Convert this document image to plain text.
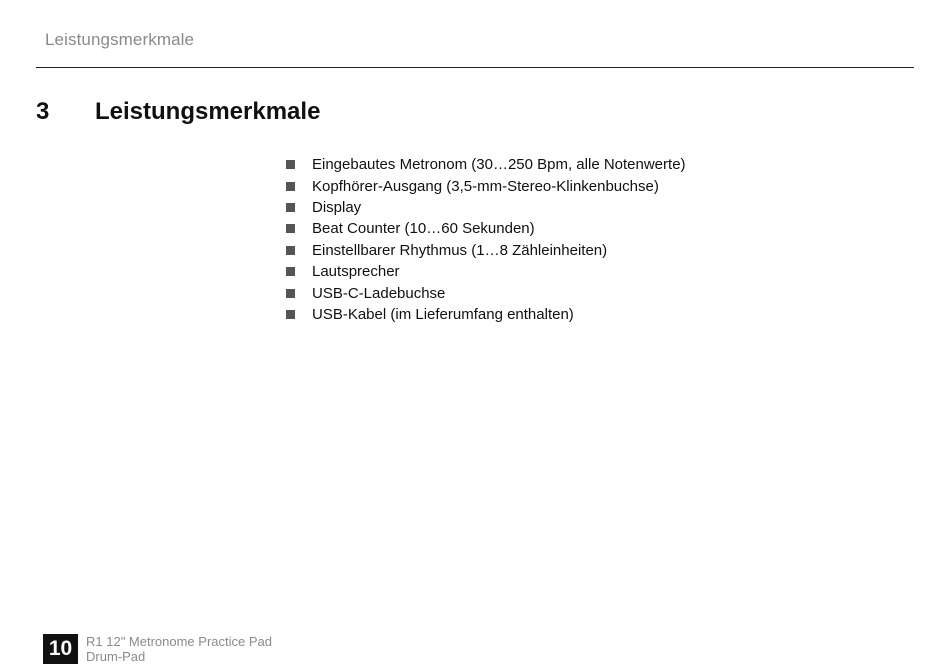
Leistungsmerkmale
3	Leistungsmerkmale
Eingebautes Metronom (30…250 Bpm, alle Notenwerte)
Kopfhörer-Ausgang (3,5-mm-Stereo-Klinkenbuchse)
Display
Beat Counter (10…60 Sekunden)
Einstellbarer Rhythmus (1…8 Zähleinheiten)
Lautsprecher
USB-C-Ladebuchse
USB-Kabel (im Lieferumfang enthalten)
10	R1 12" Metronome Practice Pad
Drum-Pad
